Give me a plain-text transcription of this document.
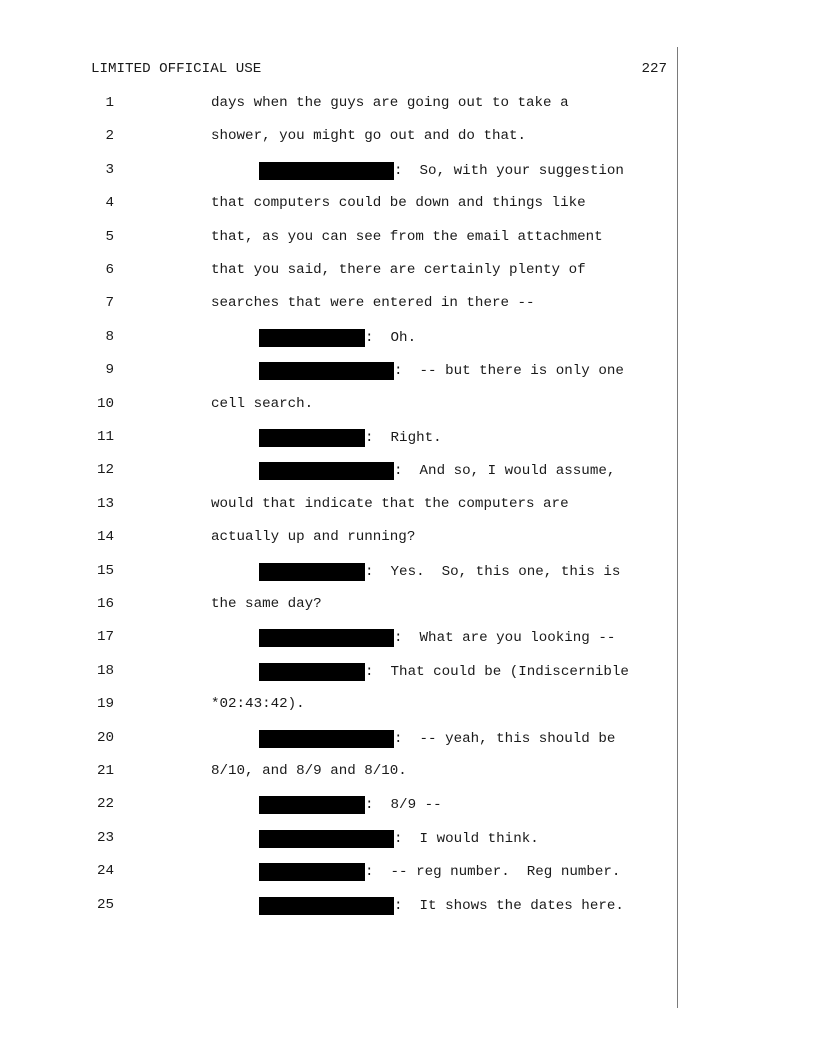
LIMITED OFFICIAL USE	227
1	days when the guys are going out to take a
2	shower, you might go out and do that.
3	:  So, with your suggestion
4	that computers could be down and things like
5	that, as you can see from the email attachment
6	that you said, there are certainly plenty of
7	searches that were entered in there --
8	:  Oh.
9	:  -- but there is only one
10	cell search.
11	:  Right.
12	:  And so, I would assume,
13	would that indicate that the computers are
14	actually up and running?
15	:  Yes.  So, this one, this is
16	the same day?
17	:  What are you looking --
18	:  That could be (Indiscernible
19	*02:43:42).
20	:  -- yeah, this should be
21	8/10, and 8/9 and 8/10.
22	:  8/9 --
23	:  I would think.
24	:  -- reg number.  Reg number.
25	:  It shows the dates here.
